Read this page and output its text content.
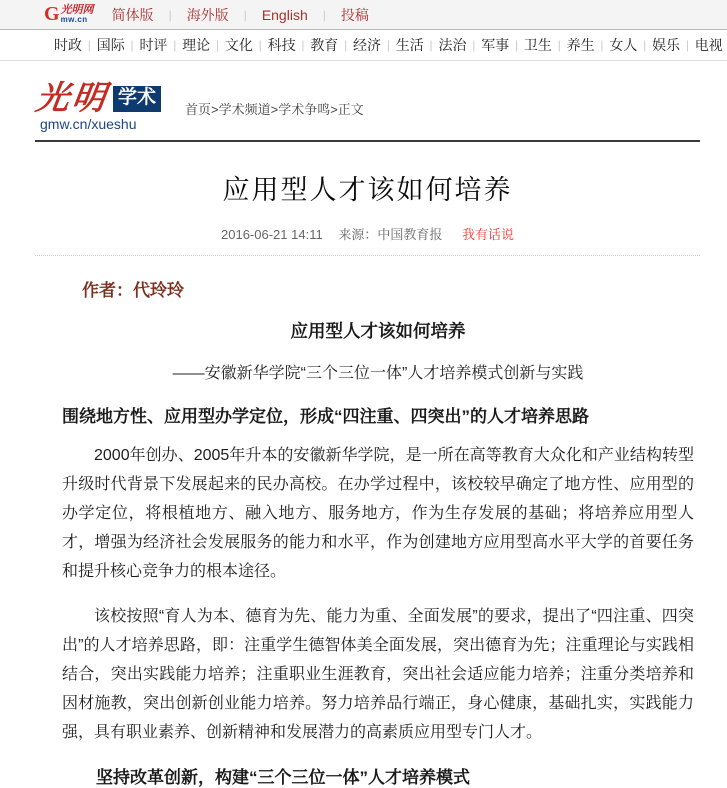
G 光明网
mw.cn	简体版 | 海外版 | English | 投稿
时政 | 国际 | 时评 | 理论 | 文化 | 科技 | 教育 | 经济 | 生活 | 法治 | 军事 | 卫生 | 养生 | 女人 | 娱乐 | 电视
光明 学术
gmw.cn/xueshu
首页>学术频道>学术争鸣>正文
应用型人才该如何培养
2016-06-21 14:11 来源：中国教育报 我有话说
作者：代玲玲
应用型人才该如何培养
——安徽新华学院“三个三位一体”人才培养模式创新与实践
围绕地方性、应用型办学定位，形成“四注重、四突出”的人才培养思路

2000年创办、2005年升本的安徽新华学院，是一所在高等教育大众化和产业结构转型升级时代背景下发展起来的民办高校。在办学过程中，该校较早确定了地方性、应用型的办学定位，将根植地方、融入地方、服务地方，作为生存发展的基础；将培养应用型人才，增强为经济社会发展服务的能力和水平，作为创建地方应用型高水平大学的首要任务和提升核心竞争力的根本途径。

该校按照“育人为本、德育为先、能力为重、全面发展”的要求，提出了“四注重、四突出”的人才培养思路，即：注重学生德智体美全面发展，突出德育为先；注重理论与实践相结合，突出实践能力培养；注重职业生涯教育，突出社会适应能力培养；注重分类培养和因材施教，突出创新创业能力培养。努力培养品行端正，身心健康，基础扎实，实践能力强，具有职业素养、创新精神和发展潜力的高素质应用型专门人才。

坚持改革创新，构建“三个三位一体”人才培养模式
